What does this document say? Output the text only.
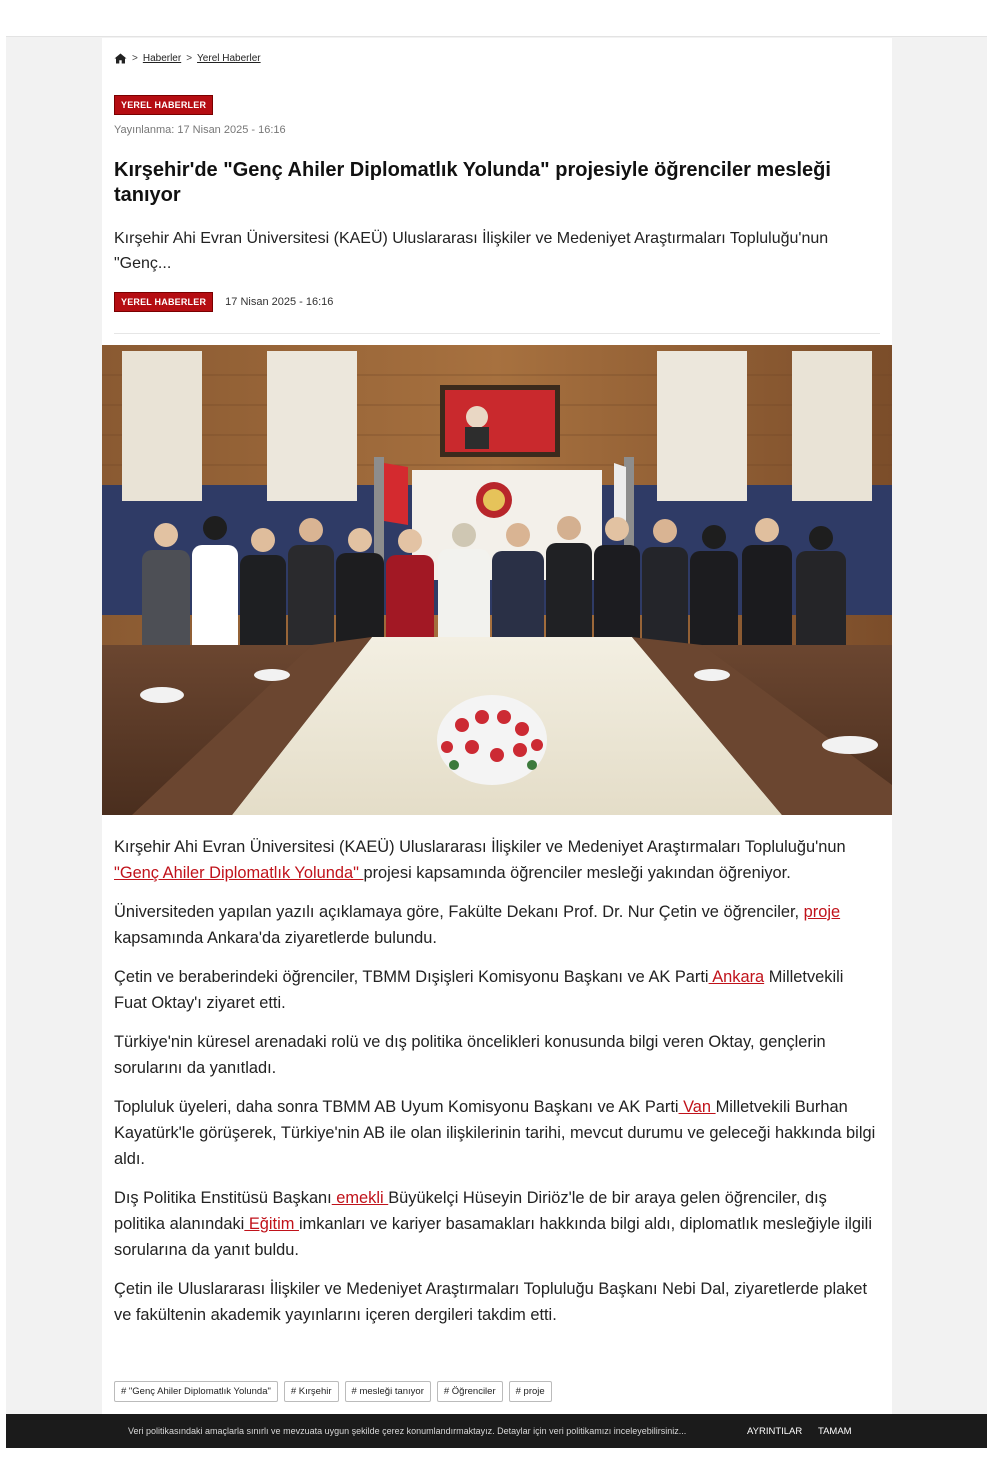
> Haberler > Yerel Haberler
YEREL HABERLER
Yayınlanma: 17 Nisan 2025 - 16:16
Kırşehir'de "Genç Ahiler Diplomatlık Yolunda" projesiyle öğrenciler mesleği tanıyor

Kırşehir Ahi Evran Üniversitesi (KAEÜ) Uluslararası İlişkiler ve Medeniyet Araştırmaları Topluluğu'nun "Genç...

YEREL HABERLER	17 Nisan 2025 - 16:16

Kırşehir Ahi Evran Üniversitesi (KAEÜ) Uluslararası İlişkiler ve Medeniyet Araştırmaları Topluluğu'nun "Genç Ahiler Diplomatlık Yolunda" projesi kapsamında öğrenciler mesleği yakından öğreniyor.

Üniversiteden yapılan yazılı açıklamaya göre, Fakülte Dekanı Prof. Dr. Nur Çetin ve öğrenciler, proje kapsamında Ankara'da ziyaretlerde bulundu.

Çetin ve beraberindeki öğrenciler, TBMM Dışişleri Komisyonu Başkanı ve AK Parti Ankara Milletvekili Fuat Oktay'ı ziyaret etti.

Türkiye'nin küresel arenadaki rolü ve dış politika öncelikleri konusunda bilgi veren Oktay, gençlerin sorularını da yanıtladı.

Topluluk üyeleri, daha sonra TBMM AB Uyum Komisyonu Başkanı ve AK Parti Van Milletvekili Burhan Kayatürk'le görüşerek, Türkiye'nin AB ile olan ilişkilerinin tarihi, mevcut durumu ve geleceği hakkında bilgi aldı.

Dış Politika Enstitüsü Başkanı emekli Büyükelçi Hüseyin Diriöz'le de bir araya gelen öğrenciler, dış politika alanındaki Eğitim imkanları ve kariyer basamakları hakkında bilgi aldı, diplomatlık mesleğiyle ilgili sorularına da yanıt buldu.

Çetin ile Uluslararası İlişkiler ve Medeniyet Araştırmaları Topluluğu Başkanı Nebi Dal, ziyaretlerde plaket ve fakültenin akademik yayınlarını içeren dergileri takdim etti.

# "Genç Ahiler Diplomatlık Yolunda"	# Kırşehir	# mesleği tanıyor	# Öğrenciler	# proje
Veri politikasındaki amaçlarla sınırlı ve mevzuata uygun şekilde çerez konumlandırmaktayız. Detaylar için veri politikamızı inceleyebilirsiniz...	AYRINTILAR TAMAM
